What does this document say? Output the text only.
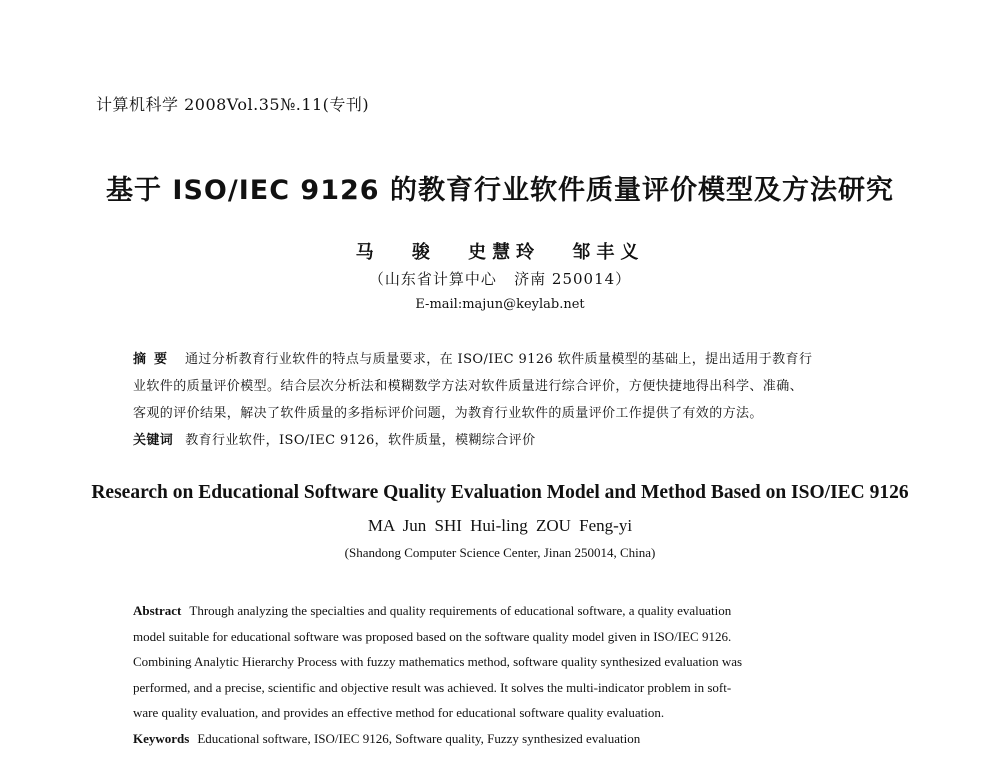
计算机科学 2008Vol.35№.11(专刊)
基于 ISO/IEC 9126 的教育行业软件质量评价模型及方法研究
马 骏 史慧玲 邹丰义
（山东省计算中心   济南 250014）
E-mail:majun@keylab.net
摘要 通过分析教育行业软件的特点与质量要求，在 ISO/IEC 9126 软件质量模型的基础上，提出适用于教育行
业软件的质量评价模型。结合层次分析法和模糊数学方法对软件质量进行综合评价，方便快捷地得出科学、准确、
客观的评价结果，解决了软件质量的多指标评价问题，为教育行业软件的质量评价工作提供了有效的方法。
关键词 教育行业软件，ISO/IEC 9126，软件质量，模糊综合评价
Research on Educational Software Quality Evaluation Model and Method Based on ISO/IEC 9126
MA Jun SHI Hui-ling ZOU Feng-yi
(Shandong Computer Science Center, Jinan 250014, China)
Abstract Through analyzing the specialties and quality requirements of educational software, a quality evaluation
model suitable for educational software was proposed based on the software quality model given in ISO/IEC 9126.
Combining Analytic Hierarchy Process with fuzzy mathematics method, software quality synthesized evaluation was
performed, and a precise, scientific and objective result was achieved. It solves the multi-indicator problem in soft-
ware quality evaluation, and provides an effective method for educational software quality evaluation.
Keywords Educational software, ISO/IEC 9126, Software quality, Fuzzy synthesized evaluation
